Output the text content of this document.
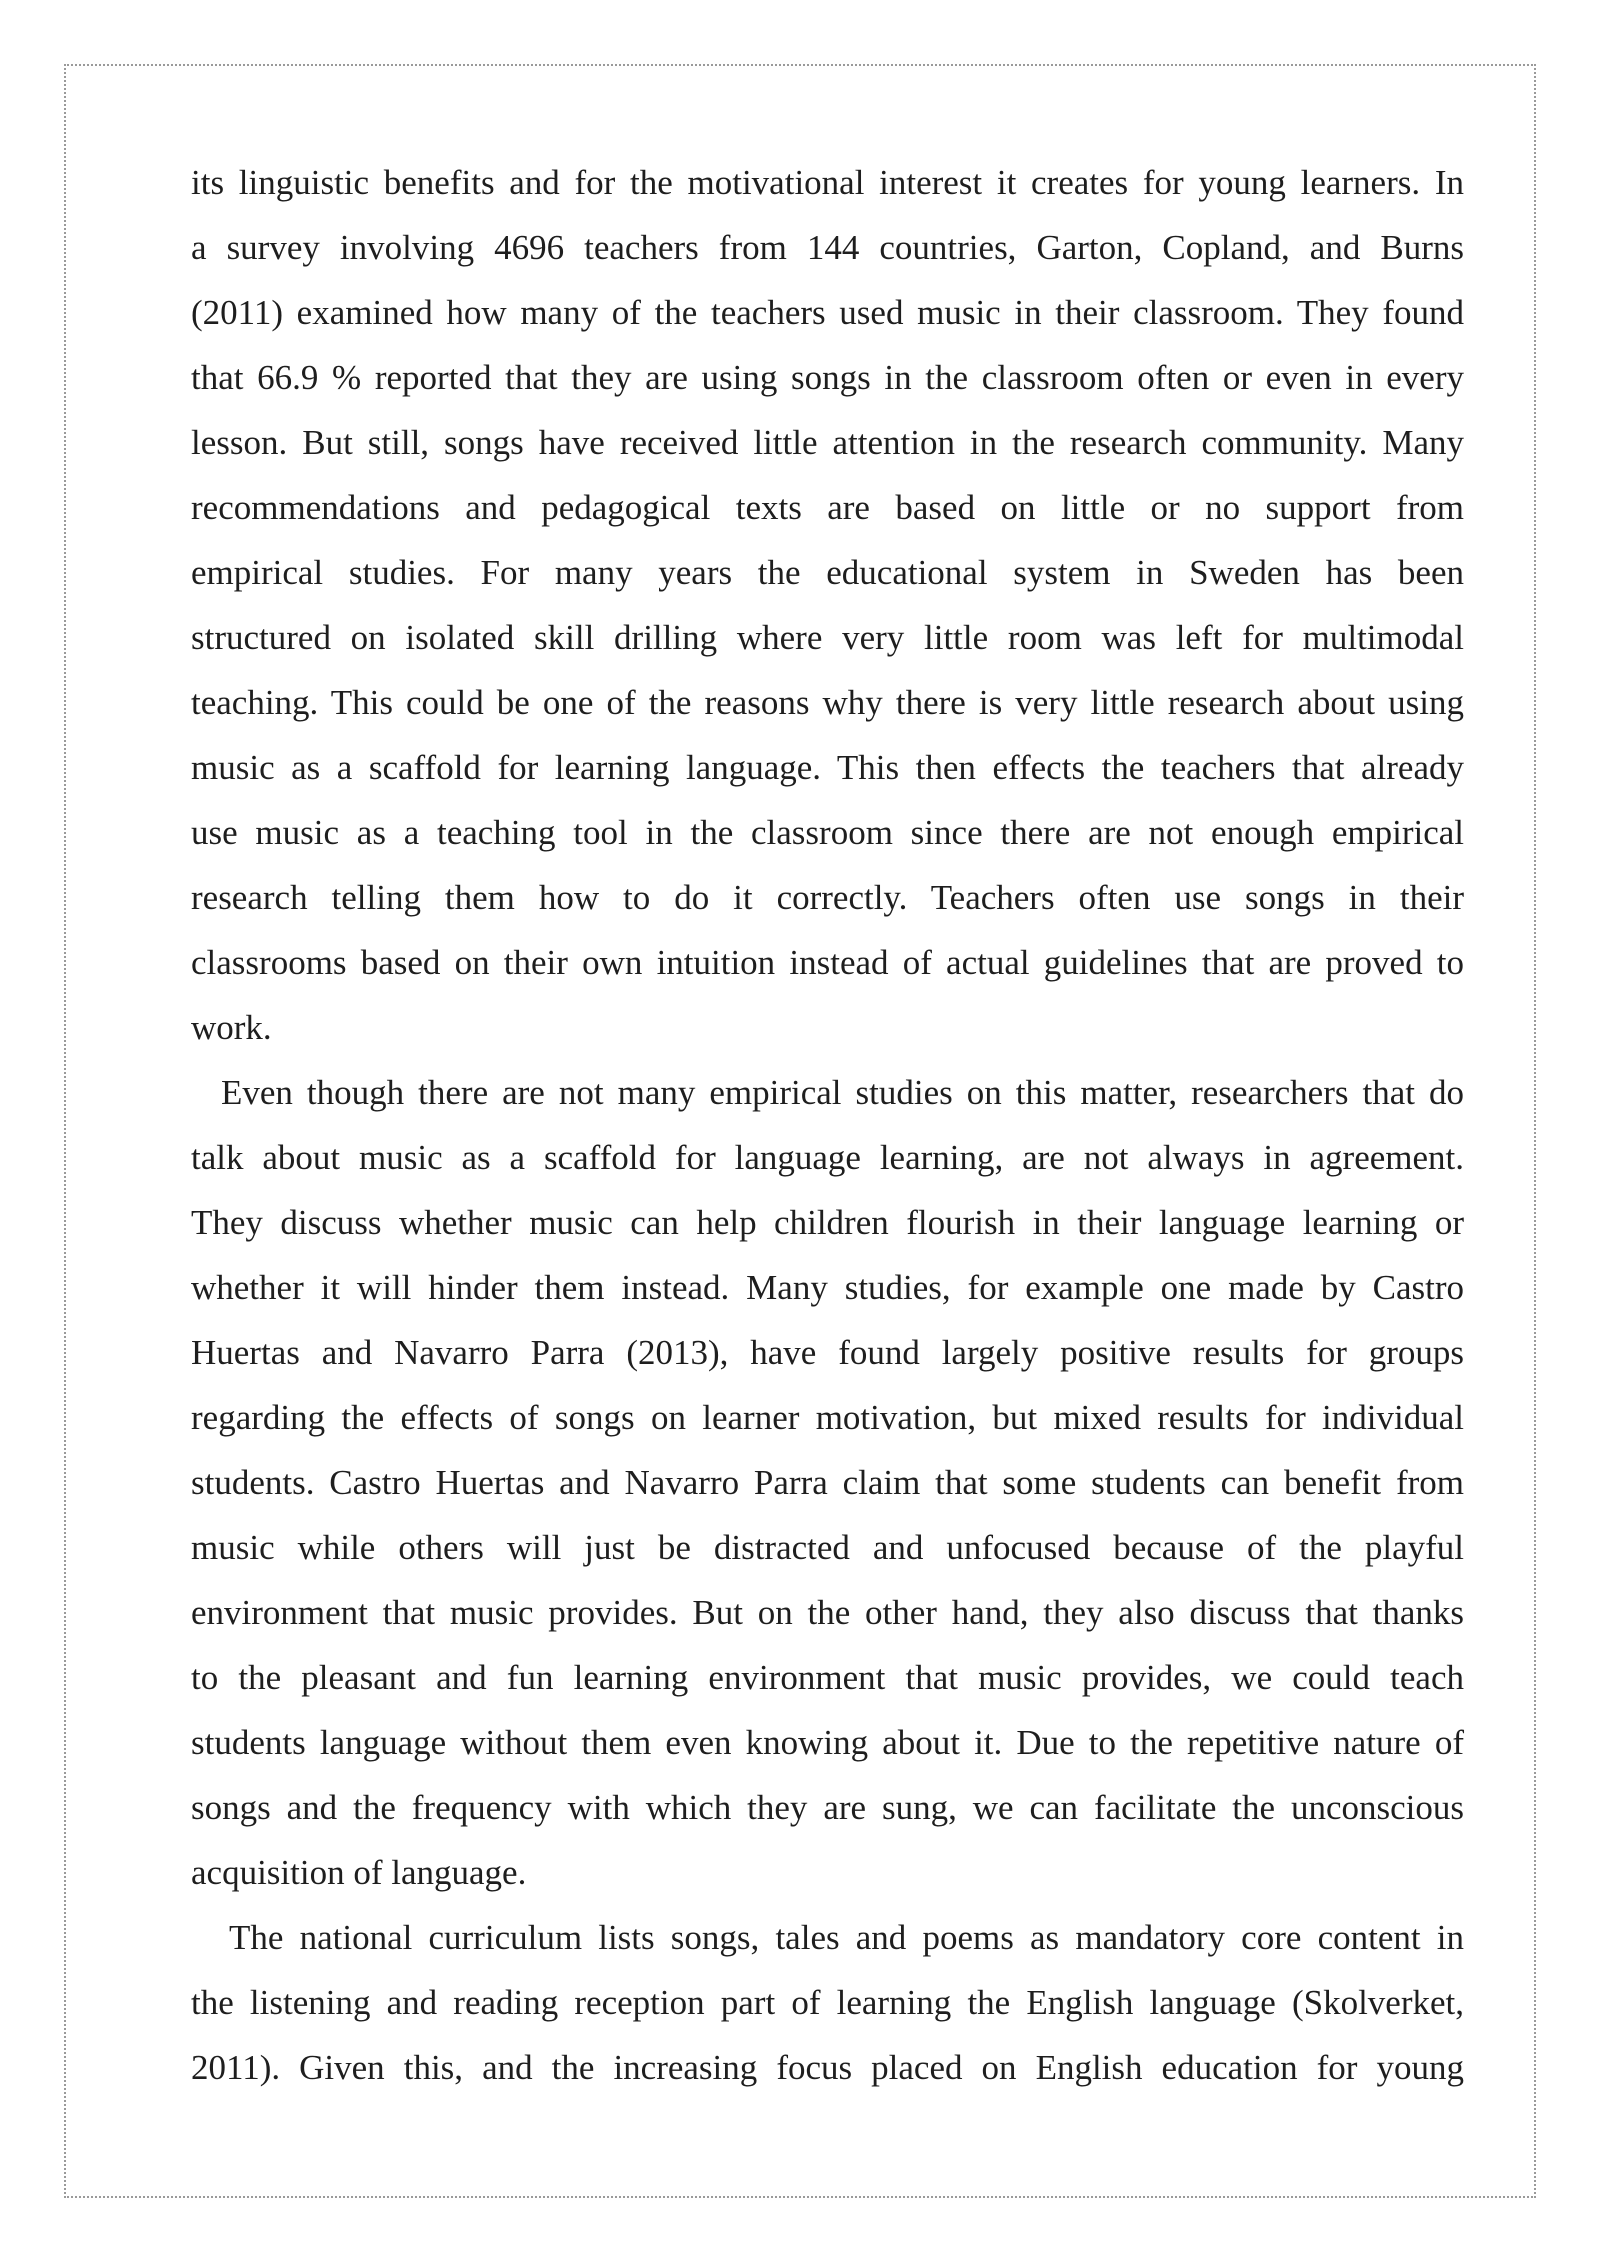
its linguistic benefits and for the motivational interest it creates for young learners. In
a survey involving 4696 teachers from 144 countries, Garton, Copland, and Burns
(2011) examined how many of the teachers used music in their classroom. They found
that 66.9 % reported that they are using songs in the classroom often or even in every
lesson. But still, songs have received little attention in the research community. Many
recommendations and pedagogical texts are based on little or no support from
empirical studies. For many years the educational system in Sweden has been
structured on isolated skill drilling where very little room was left for multimodal
teaching. This could be one of the reasons why there is very little research about using
music as a scaffold for learning language. This then effects the teachers that already
use music as a teaching tool in the classroom since there are not enough empirical
research telling them how to do it correctly. Teachers often use songs in their
classrooms based on their own intuition instead of actual guidelines that are proved to
work.
Even though there are not many empirical studies on this matter, researchers that do
talk about music as a scaffold for language learning, are not always in agreement.
They discuss whether music can help children flourish in their language learning or
whether it will hinder them instead. Many studies, for example one made by Castro
Huertas and Navarro Parra (2013), have found largely positive results for groups
regarding the effects of songs on learner motivation, but mixed results for individual
students. Castro Huertas and Navarro Parra claim that some students can benefit from
music while others will just be distracted and unfocused because of the playful
environment that music provides. But on the other hand, they also discuss that thanks
to the pleasant and fun learning environment that music provides, we could teach
students language without them even knowing about it. Due to the repetitive nature of
songs and the frequency with which they are sung, we can facilitate the unconscious
acquisition of language.
The national curriculum lists songs, tales and poems as mandatory core content in
the listening and reading reception part of learning the English language (Skolverket,
2011). Given this, and the increasing focus placed on English education for young
